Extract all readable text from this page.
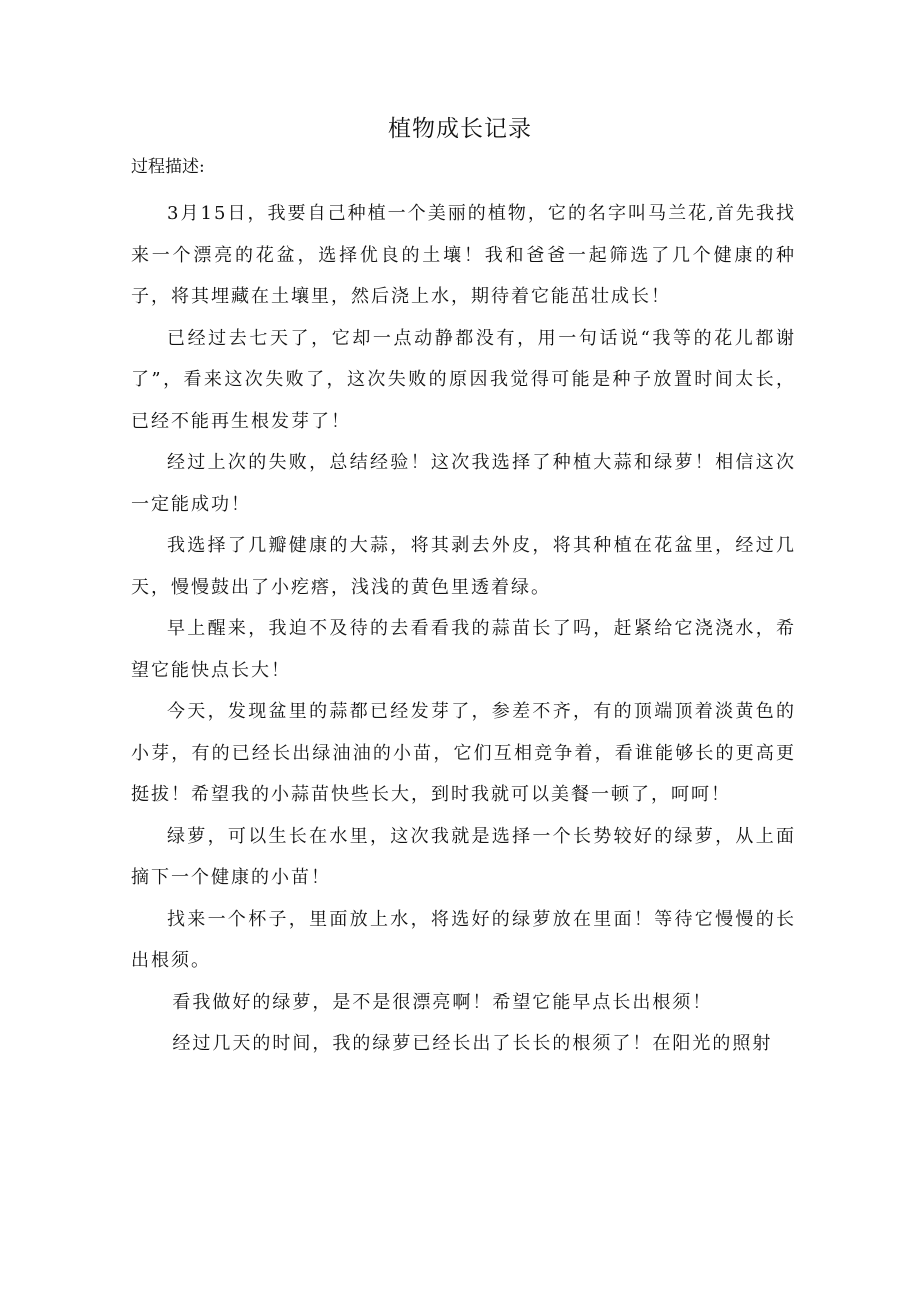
植物成长记录
过程描述:

3月15日，我要自己种植一个美丽的植物，它的名字叫马兰花,首先我找来一个漂亮的花盆，选择优良的土壤！我和爸爸一起筛选了几个健康的种子，将其埋藏在土壤里，然后浇上水，期待着它能茁壮成长！

已经过去七天了，它却一点动静都没有，用一句话说“我等的花儿都谢了”，看来这次失败了，这次失败的原因我觉得可能是种子放置时间太长，已经不能再生根发芽了！

经过上次的失败，总结经验！这次我选择了种植大蒜和绿萝！相信这次一定能成功！

我选择了几瓣健康的大蒜，将其剥去外皮，将其种植在花盆里，经过几天，慢慢鼓出了小疙瘩，浅浅的黄色里透着绿。

早上醒来，我迫不及待的去看看我的蒜苗长了吗，赶紧给它浇浇水，希望它能快点长大！

今天，发现盆里的蒜都已经发芽了，参差不齐，有的顶端顶着淡黄色的小芽，有的已经长出绿油油的小苗，它们互相竞争着，看谁能够长的更高更挺拔！希望我的小蒜苗快些长大，到时我就可以美餐一顿了，呵呵！

绿萝，可以生长在水里，这次我就是选择一个长势较好的绿萝，从上面摘下一个健康的小苗！

找来一个杯子，里面放上水，将选好的绿萝放在里面！等待它慢慢的长出根须。

看我做好的绿萝，是不是很漂亮啊！希望它能早点长出根须！

经过几天的时间，我的绿萝已经长出了长长的根须了！在阳光的照射
